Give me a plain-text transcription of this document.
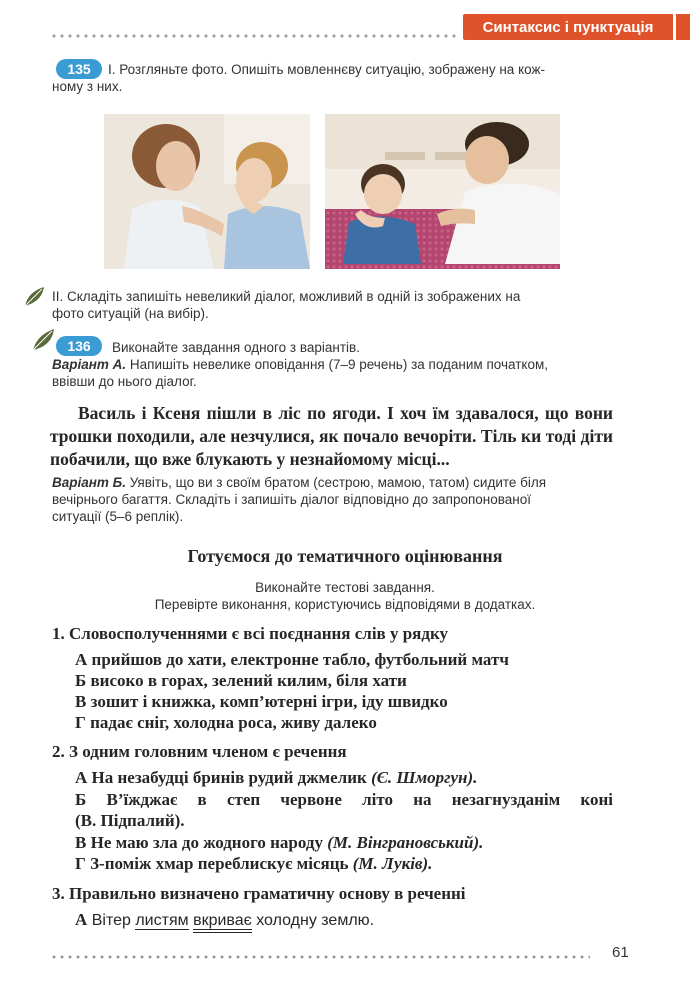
Синтаксис і пунктуація
135 I. Розгляньте фото. Опишіть мовленнєву ситуацію, зображену на кож-
ному з них.
II. Складіть запишіть невеликий діалог, можливий в одній із зображених на
фото ситуацій (на вибір).
136 Виконайте завдання одного з варіантів.
Варіант А. Напишіть невелике оповідання (7–9 речень) за поданим початком,
ввівши до нього діалог.

Василь і Ксеня пішли в ліс по ягоди. І хоч їм здавалося, що вони трошки походили, але незчулися, як почало вечоріти. Тіль ки тоді діти побачили, що вже блукають у незнайомому місці...

Варіант Б. Уявіть, що ви з своїм братом (сестрою, мамою, татом) сидите біля
вечірнього багаття. Складіть і запишіть діалог відповідно до запропонованої
ситуації (5–6 реплік).
Готуємося до тематичного оцінювання
Виконайте тестові завдання.
Перевірте виконання, користуючись відповідями в додатках.
1. Словосполученнями є всі поєднання слів у рядку
А прийшов до хати, електронне табло, футбольний матч
Б високо в горах, зелений килим, біля хати
В зошит і книжка, комп’ютерні ігри, іду швидко
Г падає сніг, холодна роса, живу далеко
2. З одним головним членом є речення
А На незабудці бринів рудий джмелик (Є. Шморгун).
Б В’їжджає в степ червоне літо на незагнузданім коні
(В. Підпалий).
В Не маю зла до жодного народу (М. Вінграновський).
Г З-поміж хмар переблискує місяць (М. Луків).
3. Правильно визначено граматичну основу в реченні
А Вітер листям вкриває холодну землю.
61
